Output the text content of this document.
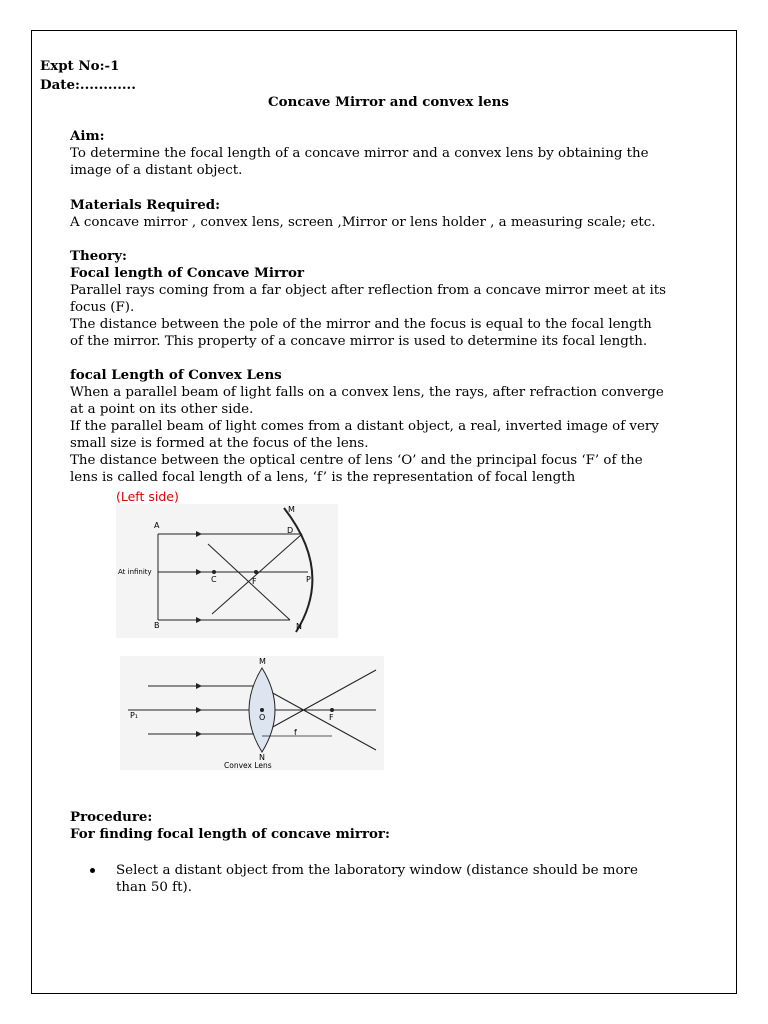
Expt No:-1
Date:............
Concave Mirror and convex lens
Aim:
To determine the focal length of a concave mirror and a convex lens by obtaining the
image of a distant object.
Materials Required:
A concave mirror , convex lens, screen ,Mirror or lens holder , a measuring scale; etc.
Theory:
Focal length of Concave Mirror
Parallel rays coming from a far object after reflection from a concave mirror meet at its
focus (F).
The distance between the pole of the mirror and the focus is equal to the focal length
of the mirror. This property of a concave mirror is used to determine its focal length.
focal Length of Convex Lens
When a parallel beam of light falls on a convex lens, the rays, after refraction converge
at a point on its other side.
If the parallel beam of light comes from a distant object, a real, inverted image of very
small size is formed at the focus of the lens.
The distance between the optical centre of lens ‘O’ and the principal focus ‘F’ of the
lens is called focal length of a lens, ‘f’ is the representation of focal length
(Left side)
Procedure:
For finding focal length of concave mirror:
Select a distant object from the laboratory window (distance should be more
than 50 ft).
A
B
C
D
F
M
N
P
At infinity
M
N
O	F
P₁
f
Convex Lens
